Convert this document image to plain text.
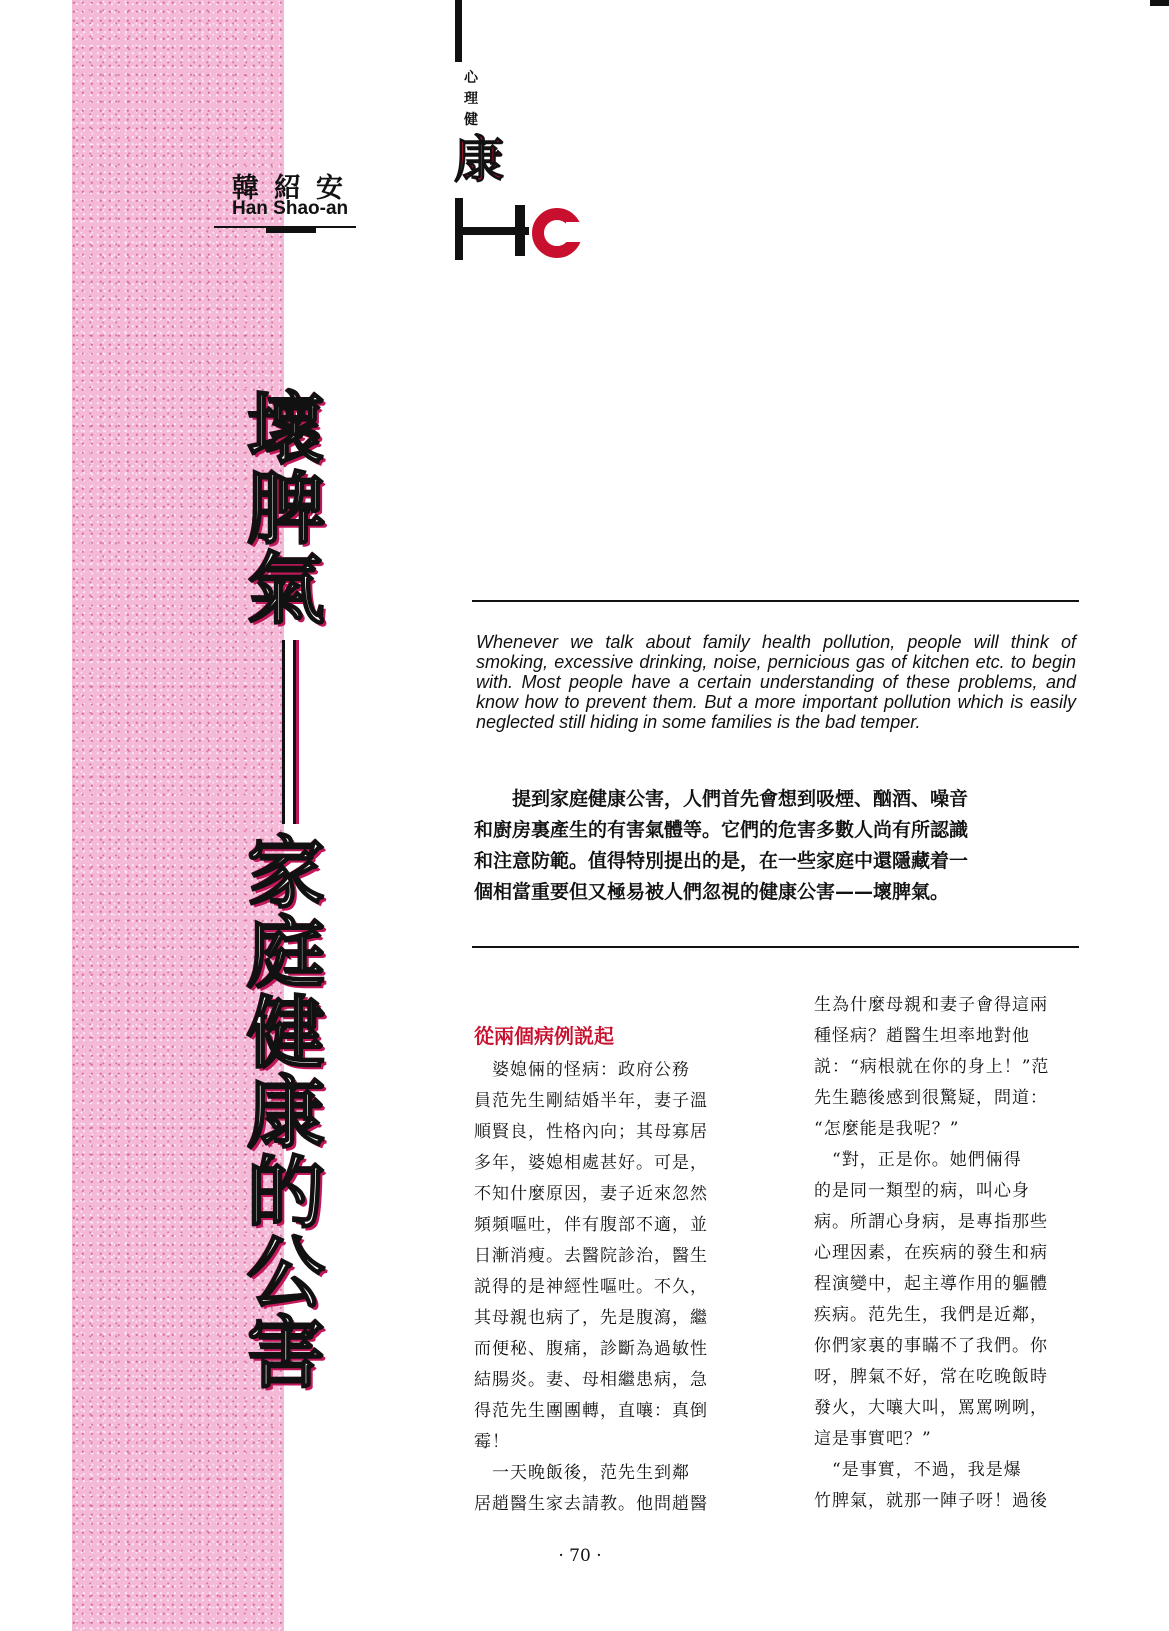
韓紹安
Han Shao-an
心理健
康
壞
脾
氣
家
庭
健
康
的
公
害
Whenever we talk about family health pollution, people will think of smoking, excessive drinking, noise, pernicious gas of kitchen etc. to begin with. Most people have a certain understanding of these problems, and know how to prevent them. But a more important pollution which is easily neglected still hiding in some families is the bad temper.
　　提到家庭健康公害，人們首先會想到吸煙、酗酒、噪音
和廚房裏產生的有害氣體等。它們的危害多數人尚有所認識
和注意防範。值得特別提出的是，在一些家庭中還隱藏着一
個相當重要但又極易被人們忽視的健康公害——壞脾氣。
從兩個病例説起
　婆媳倆的怪病：政府公務
員范先生剛結婚半年，妻子溫
順賢良，性格內向；其母寡居
多年，婆媳相處甚好。可是，
不知什麼原因，妻子近來忽然
頻頻嘔吐，伴有腹部不適，並
日漸消瘦。去醫院診治，醫生
説得的是神經性嘔吐。不久，
其母親也病了，先是腹瀉，繼
而便秘、腹痛，診斷為過敏性
結腸炎。妻、母相繼患病，急
得范先生團團轉，直嚷：真倒
霉！
　一天晚飯後，范先生到鄰
居趙醫生家去請教。他問趙醫
生為什麼母親和妻子會得這兩
種怪病？趙醫生坦率地對他
説：“病根就在你的身上！”范
先生聽後感到很驚疑，問道：
“怎麼能是我呢？”
　“對，正是你。她們倆得
的是同一類型的病，叫心身
病。所謂心身病，是專指那些
心理因素，在疾病的發生和病
程演變中，起主導作用的軀體
疾病。范先生，我們是近鄰，
你們家裏的事瞞不了我們。你
呀，脾氣不好，常在吃晚飯時
發火，大嚷大叫，罵罵咧咧，
這是事實吧？”
　“是事實，不過，我是爆
竹脾氣，就那一陣子呀！過後
· 70 ·
